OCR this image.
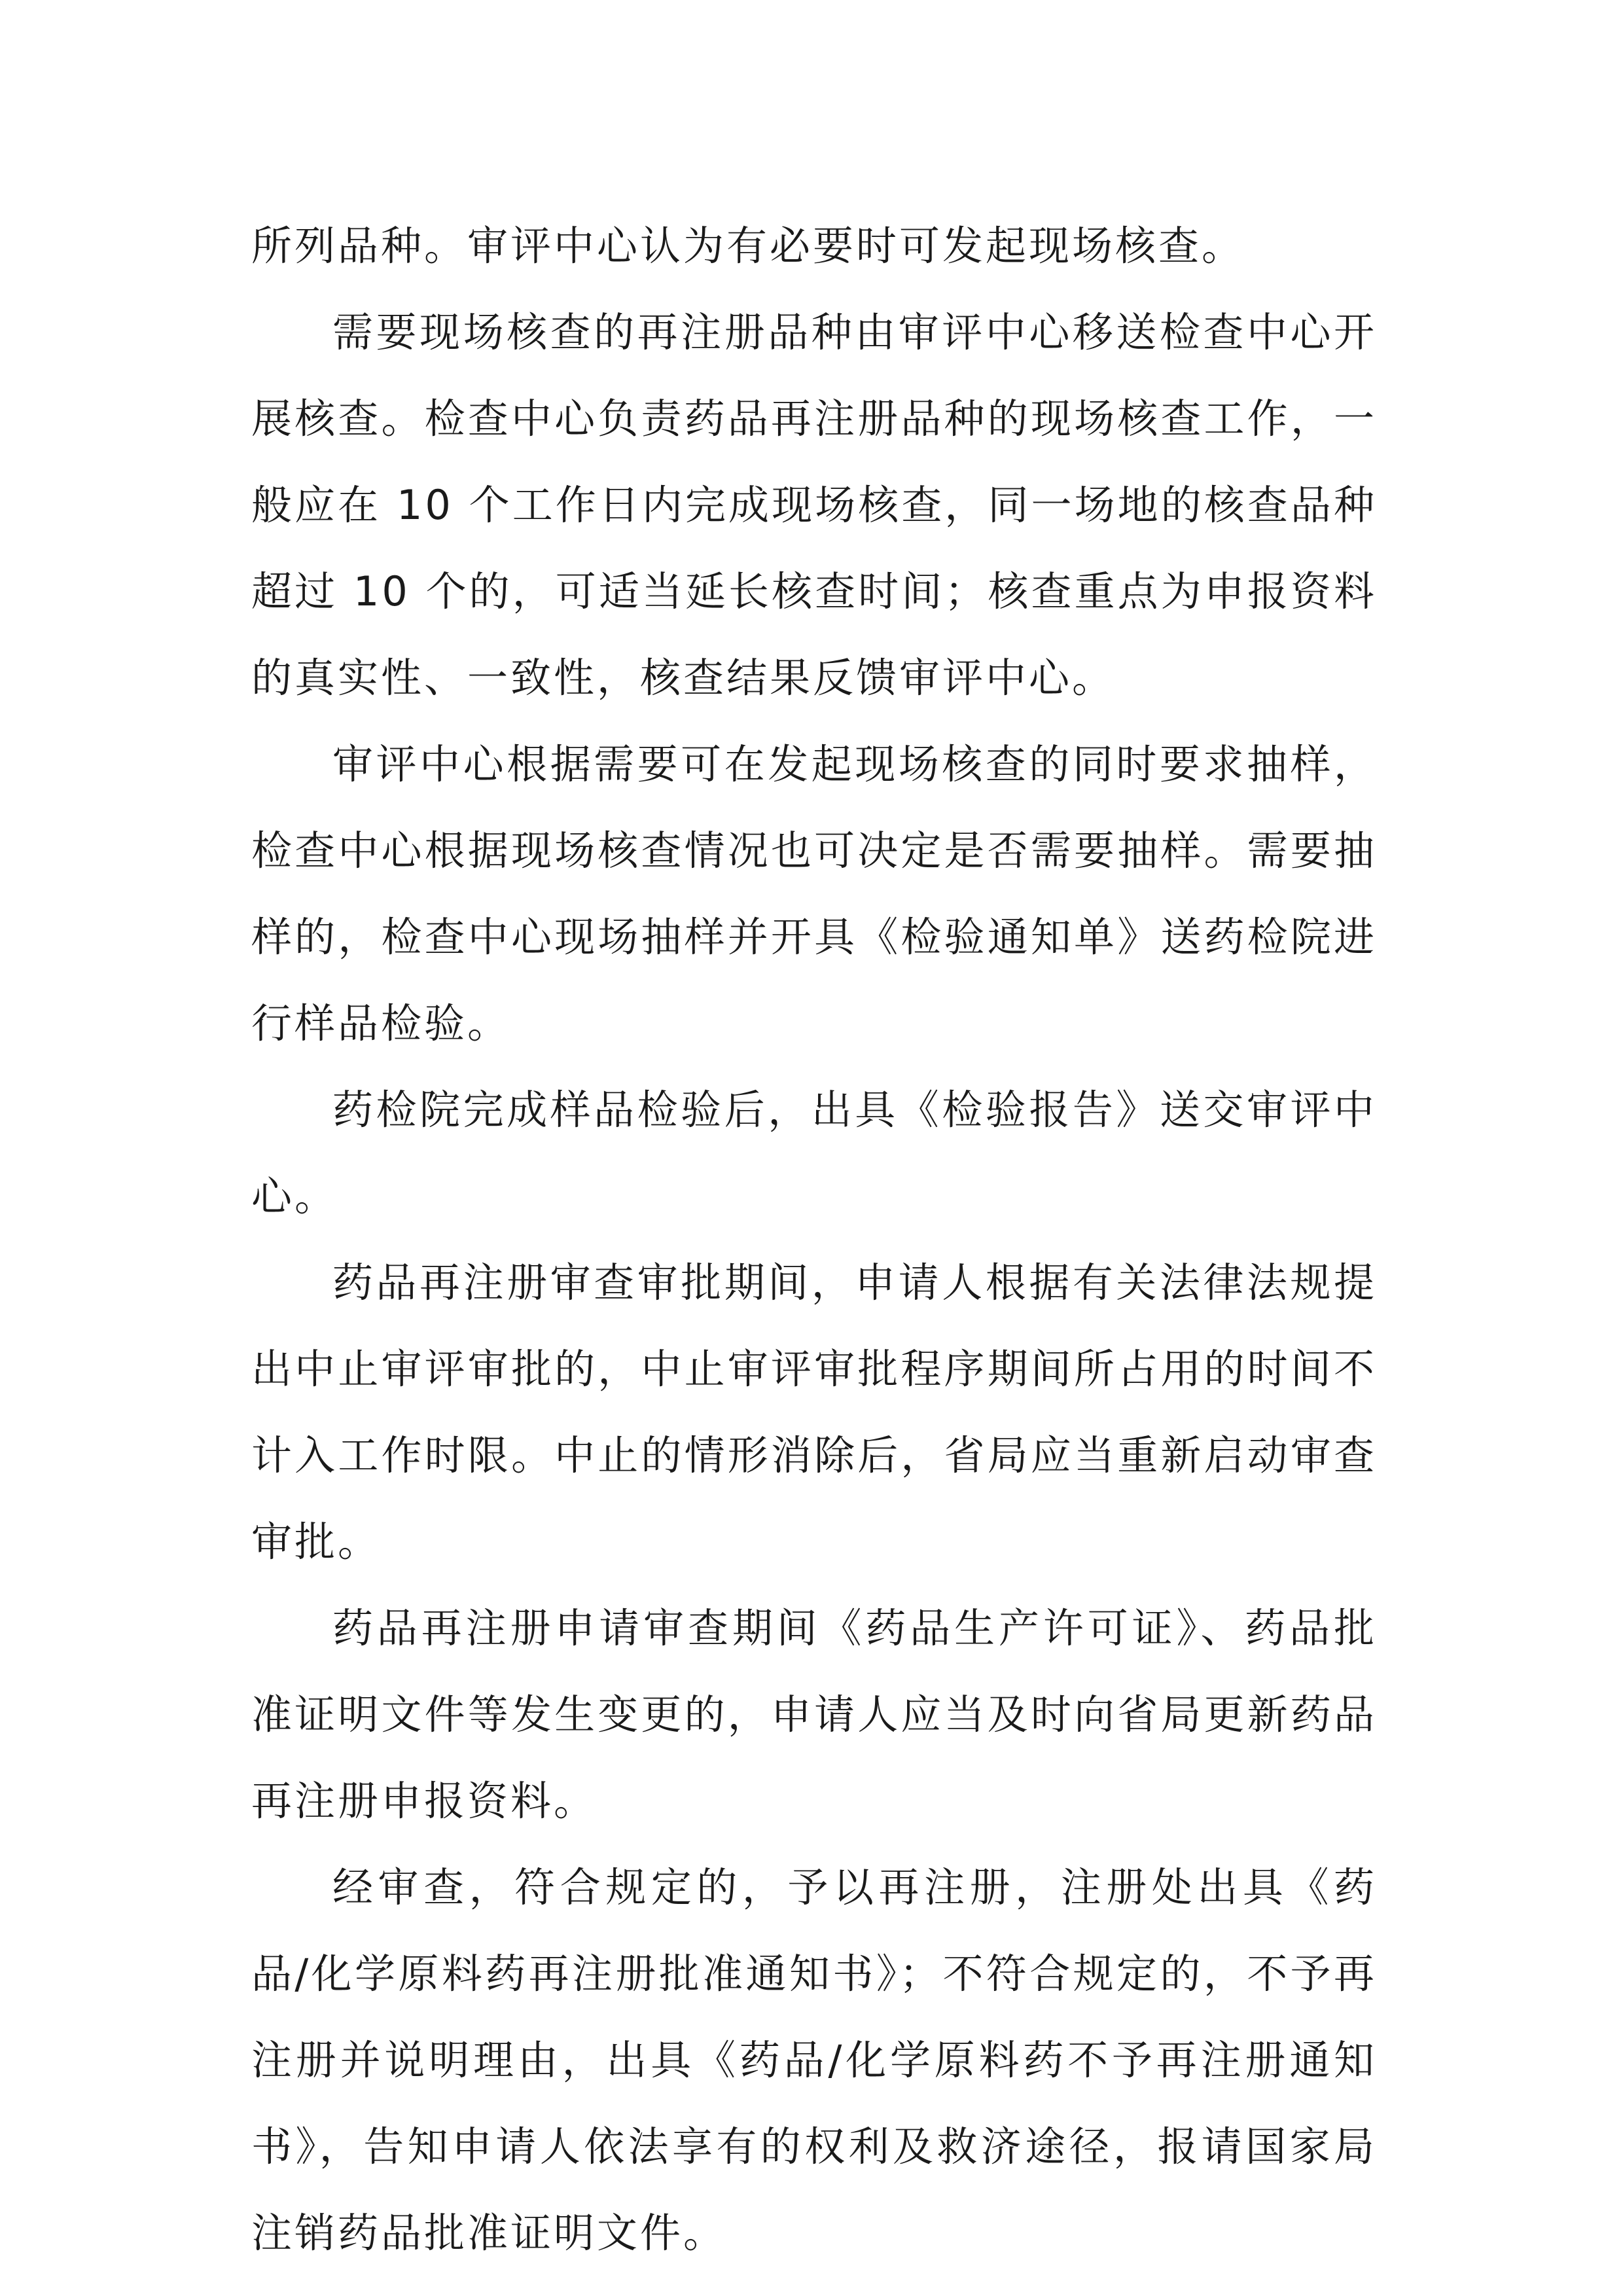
所列品种。审评中心认为有必要时可发起现场核查。

需要现场核查的再注册品种由审评中心移送检查中心开展核查。检查中心负责药品再注册品种的现场核查工作，一般应在 10 个工作日内完成现场核查，同一场地的核查品种超过 10 个的，可适当延长核查时间；核查重点为申报资料的真实性、一致性，核查结果反馈审评中心。

审评中心根据需要可在发起现场核查的同时要求抽样，检查中心根据现场核查情况也可决定是否需要抽样。需要抽样的，检查中心现场抽样并开具《检验通知单》送药检院进行样品检验。

药检院完成样品检验后，出具《检验报告》送交审评中心。

药品再注册审查审批期间，申请人根据有关法律法规提出中止审评审批的，中止审评审批程序期间所占用的时间不计入工作时限。中止的情形消除后，省局应当重新启动审查审批。

药品再注册申请审查期间《药品生产许可证》、药品批准证明文件等发生变更的，申请人应当及时向省局更新药品再注册申报资料。

经审查，符合规定的，予以再注册，注册处出具《药品/化学原料药再注册批准通知书》；不符合规定的，不予再注册并说明理由，出具《药品/化学原料药不予再注册通知书》，告知申请人依法享有的权利及救济途径，报请国家局注销药品批准证明文件。
